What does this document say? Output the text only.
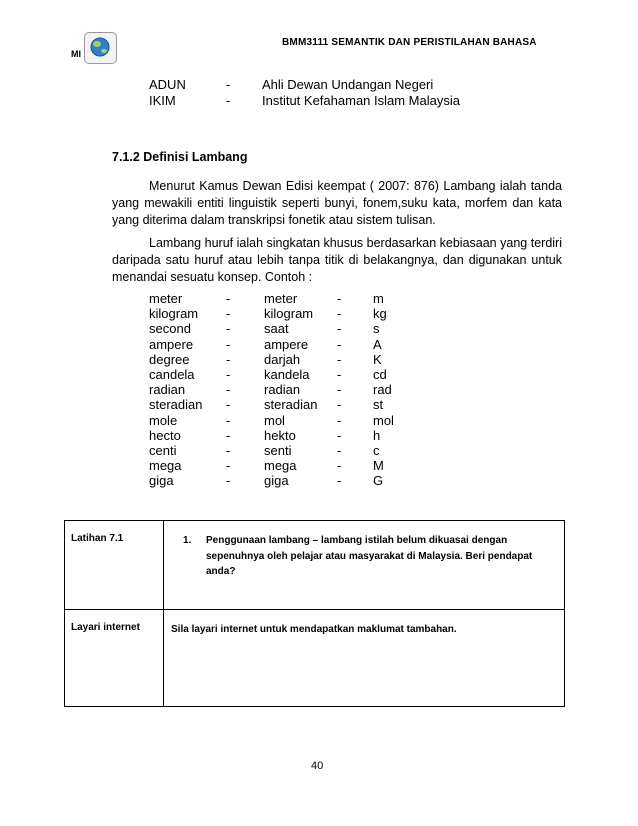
MI
BMM3111 SEMANTIK DAN PERISTILAHAN BAHASA
ADUN	- Ahli Dewan Undangan Negeri
IKIM	- Institut Kefahaman Islam Malaysia
7.1.2 Definisi Lambang
Menurut Kamus Dewan Edisi keempat ( 2007: 876) Lambang ialah tanda yang mewakili entiti linguistik seperti bunyi, fonem,suku kata, morfem dan kata yang diterima dalam transkripsi fonetik atau sistem tulisan.
Lambang huruf ialah singkatan khusus berdasarkan kebiasaan yang terdiri daripada satu huruf atau lebih tanpa titik di belakangnya, dan digunakan untuk menandai sesuatu konsep. Contoh :
meter	-	meter	- m
kilogram -	kilogram - kg
second	-	saat	- s
ampere	-	ampere - A
degree	-	darjah	- K
candela -	kandela - cd
radian	-	radian	- rad
steradian -	steradian - st
mole	-	mol	- mol
hecto	-	hekto	- h
centi	-	senti	- c
mega	-	mega	- M
giga	-	giga	- G
Latihan 7.1	1. Penggunaan lambang – lambang istilah belum dikuasai dengan sepenuhnya oleh pelajar atau masyarakat di Malaysia. Beri pendapat anda?

Layari internet	Sila layari internet untuk mendapatkan maklumat tambahan.
40
